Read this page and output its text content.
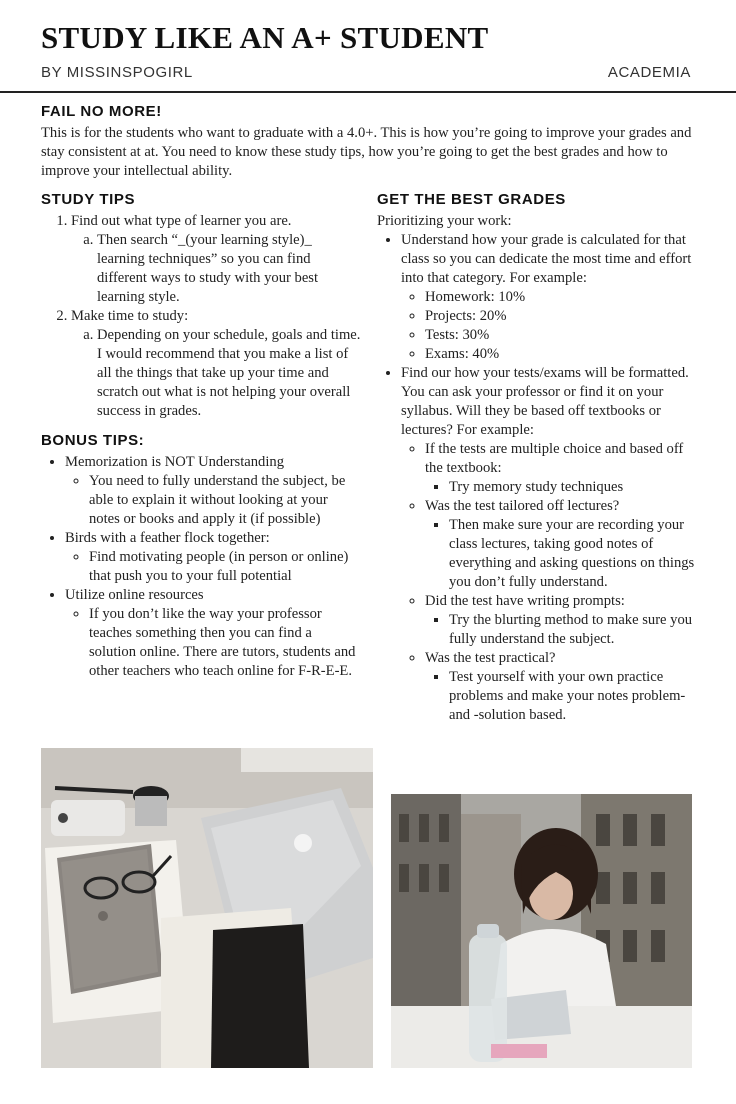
STUDY LIKE AN A+ STUDENT
BY MISSINSPOGIRL	ACADEMIA
FAIL NO MORE!

This is for the students who want to graduate with a 4.0+. This is how you’re going to improve your grades and stay consistent at at. You need to know these study tips, how you’re going to get the best grades and how to improve your intellectual ability.

STUDY TIPS
1. Find out what type of learner you are.
a. Then search “_(your learning style)_ learning techniques” so you can find different ways to study with your best learning style.
2. Make time to study:
a. Depending on your schedule, goals and time. I would recommend that you make a list of all the things that take up your time and scratch out what is not helping your overall success in grades.
BONUS TIPS:
• Memorization is NOT Understanding
◦ You need to fully understand the subject, be able to explain it without looking at your notes or books and apply it (if possible)
• Birds with a feather flock together:
◦ Find motivating people (in person or online) that push you to your full potential
• Utilize online resources
◦ If you don’t like the way your professor teaches something then you can find a solution online. There are tutors, students and other teachers who teach online for F-R-E-E.
GET THE BEST GRADES

Prioritizing your work:

• Understand how your grade is calculated for that class so you can dedicate the most time and effort into that category. For example:
◦ Homework: 10%
◦ Projects: 20%
◦ Tests: 30%
◦ Exams: 40%
• Find our how your tests/exams will be formatted. You can ask your professor or find it on your syllabus. Will they be based off textbooks or lectures? For example:
◦ If the tests are multiple choice and based off the textbook:
▪ Try memory study techniques
◦ Was the test tailored off lectures?
▪ Then make sure your are recording your class lectures, taking good notes of everything and asking questions on things you don’t fully understand.
◦ Did the test have writing prompts:
▪ Try the blurting method to make sure you fully understand the subject.
◦ Was the test practical?
▪ Test yourself with your own practice problems and make your notes problem-and -solution based.
